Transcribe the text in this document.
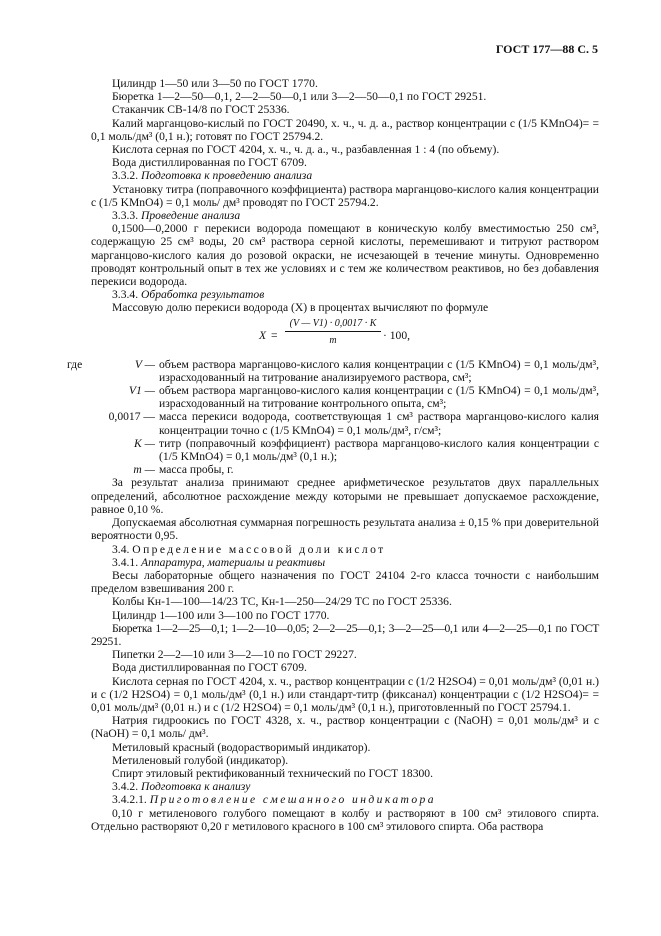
ГОСТ 177—88 С. 5

Цилиндр 1—50 или 3—50 по ГОСТ 1770.

Бюретка 1—2—50—0,1, 2—2—50—0,1 или 3—2—50—0,1 по ГОСТ 29251.

Стаканчик СВ-14/8 по ГОСТ 25336.

Калий марганцово-кислый по ГОСТ 20490, х. ч., ч. д. а., раствор концентрации c (1/5 KMnO4)= = 0,1 моль/дм³ (0,1 н.); готовят по ГОСТ 25794.2.

Кислота серная по ГОСТ 4204, х. ч., ч. д. а., ч., разбавленная 1 : 4 (по объему).

Вода дистиллированная по ГОСТ 6709.

3.3.2. Подготовка к проведению анализа

Установку титра (поправочного коэффициента) раствора марганцово-кислого калия концентрации c (1/5 KMnO4) = 0,1 моль/ дм³ проводят по ГОСТ 25794.2.

3.3.3. Проведение анализа

0,1500—0,2000 г перекиси водорода помещают в коническую колбу вместимостью 250 см³, содержащую 25 см³ воды, 20 см³ раствора серной кислоты, перемешивают и титруют раствором марганцово-кислого калия до розовой окраски, не исчезающей в течение минуты. Одновременно проводят контрольный опыт в тех же условиях и с тем же количеством реактивов, но без добавления перекиси водорода.

3.3.4. Обработка результатов

Массовую долю перекиси водорода (X) в процентах вычисляют по формуле

$X = \frac{(V — V1) \cdot 0,0017 \cdot K}{m} \cdot 100$,
где	V — объем раствора марганцово-кислого калия концентрации c (1/5 KMnO4) = 0,1 моль/дм³, израсходованный на титрование анализируемого раствора, см³;
V1 — объем раствора марганцово-кислого калия концентрации c (1/5 KMnO4) = 0,1 моль/дм³, израсходованный на титрование контрольного опыта, см³;
0,0017 — масса перекиси водорода, соответствующая 1 см³ раствора марганцово-кислого калия концентрации точно c (1/5 KMnO4) = 0,1 моль/дм³, г/см³;
K — титр (поправочный коэффициент) раствора марганцово-кислого калия концентрации c (1/5 KMnO4) = 0,1 моль/дм³ (0,1 н.);
m — масса пробы, г.

За результат анализа принимают среднее арифметическое результатов двух параллельных определений, абсолютное расхождение между которыми не превышает допускаемое расхождение, равное 0,10 %.

Допускаемая абсолютная суммарная погрешность результата анализа ± 0,15 % при доверительной вероятности 0,95.

3.4. Определение массовой доли кислот

3.4.1. Аппаратура, материалы и реактивы

Весы лабораторные общего назначения по ГОСТ 24104 2-го класса точности с наибольшим пределом взвешивания 200 г.

Колбы Кн-1—100—14/23 ТС, Кн-1—250—24/29 ТС по ГОСТ 25336.

Цилиндр 1—100 или 3—100 по ГОСТ 1770.

Бюретка 1—2—25—0,1; 1—2—10—0,05; 2—2—25—0,1; 3—2—25—0,1 или 4—2—25—0,1 по ГОСТ 29251.

Пипетки 2—2—10 или 3—2—10 по ГОСТ 29227.

Вода дистиллированная по ГОСТ 6709.

Кислота серная по ГОСТ 4204, х. ч., раствор концентрации c (1/2 H2SO4) = 0,01 моль/дм³ (0,01 н.) и c (1/2 H2SO4) = 0,1 моль/дм³ (0,1 н.) или стандарт-титр (фиксанал) концентрации c (1/2 H2SO4)= = 0,01 моль/дм³ (0,01 н.) и c (1/2 H2SO4) = 0,1 моль/дм³ (0,1 н.), приготовленный по ГОСТ 25794.1.

Натрия гидроокись по ГОСТ 4328, х. ч., раствор концентрации c (NaOH) = 0,01 моль/дм³ и c (NaOH) = 0,1 моль/ дм³.

Метиловый красный (водорастворимый индикатор).

Метиленовый голубой (индикатор).

Спирт этиловый ректификованный технический по ГОСТ 18300.

3.4.2. Подготовка к анализу

3.4.2.1. Приготовление смешанного индикатора

0,10 г метиленового голубого помещают в колбу и растворяют в 100 см³ этилового спирта. Отдельно растворяют 0,20 г метилового красного в 100 см³ этилового спирта. Оба раствора
